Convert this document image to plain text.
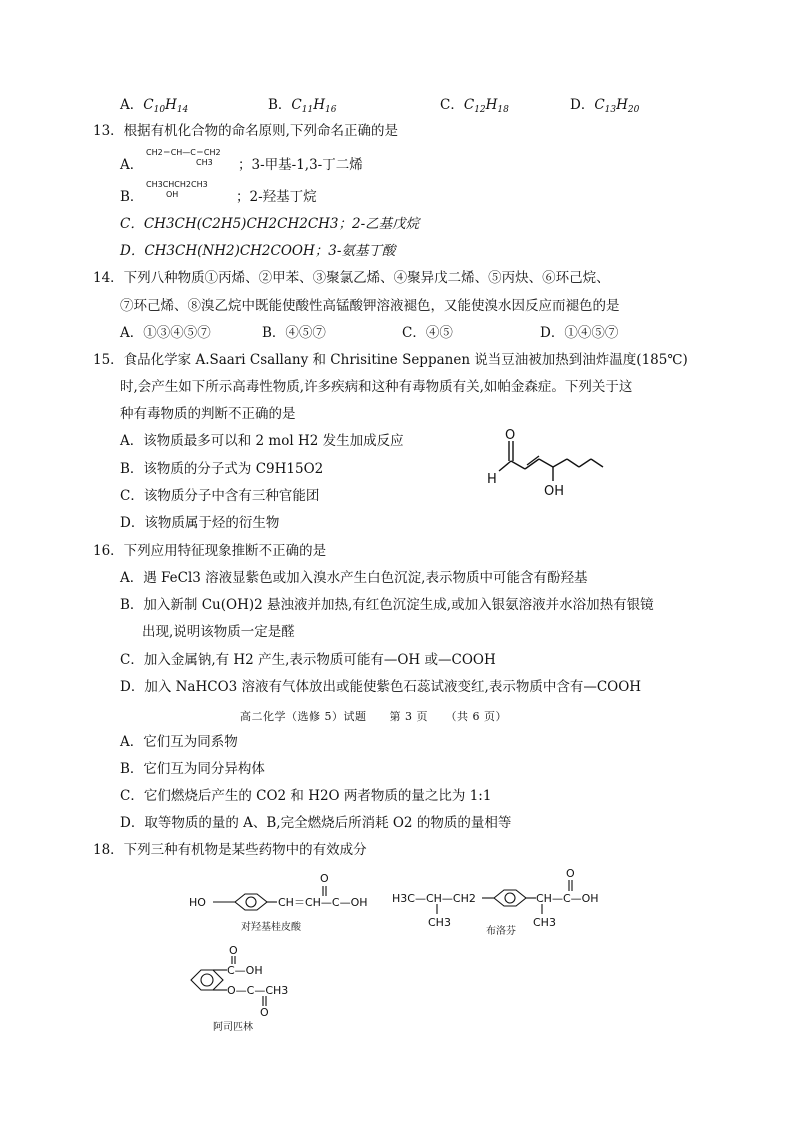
A．$C_{10}H_{14}$	B．$C_{11}H_{16}$	C．$C_{12}H_{18}$	D．$C_{13}H_{20}$
13．根据有机化合物的命名原则,下列命名正确的是
A．
CH2＝CH—C＝CH2
CH3	；3-甲基-1,3-丁二烯
B．
CH3CHCH2CH3
OH	；2-羟基丁烷
C．CH3CH(C2H5)CH2CH2CH3；2-乙基戊烷
D．CH3CH(NH2)CH2COOH；3-氨基丁酸
14．下列八种物质①丙烯、②甲苯、③聚氯乙烯、④聚异戊二烯、⑤丙炔、⑥环己烷、
⑦环己烯、⑧溴乙烷中既能使酸性高锰酸钾溶液褪色，又能使溴水因反应而褪色的是
A．①③④⑤⑦	B．④⑤⑦	C．④⑤	D．①④⑤⑦
15．食品化学家 A.Saari Csallany 和 Chrisitine Seppanen 说当豆油被加热到油炸温度(185℃)
时,会产生如下所示高毒性物质,许多疾病和这种有毒物质有关,如帕金森症。下列关于这
种有毒物质的判断不正确的是
A．该物质最多可以和 2 mol H2 发生加成反应
B．该物质的分子式为 C9H15O2
C．该物质分子中含有三种官能团
D．该物质属于烃的衍生物
O
H
OH
16．下列应用特征现象推断不正确的是
A．遇 FeCl3 溶液显紫色或加入溴水产生白色沉淀,表示物质中可能含有酚羟基
B．加入新制 Cu(OH)2 悬浊液并加热,有红色沉淀生成,或加入银氨溶液并水浴加热有银镜
出现,说明该物质一定是醛
C．加入金属钠,有 H2 产生,表示物质可能有—OH 或—COOH
D．加入 NaHCO3 溶液有气体放出或能使紫色石蕊试液变红,表示物质中含有—COOH
高二化学（选修 5）试题　　第 3 页　　（共 6 页）
A．它们互为同系物
B．它们互为同分异构体
C．它们燃烧后产生的 CO2 和 H2O 两者物质的量之比为 1:1
D．取等物质的量的 A、B,完全燃烧后所消耗 O2 的物质的量相等
18．下列三种有机物是某些药物中的有效成分
HO	CH＝CH—C—OH
O
对羟基桂皮酸
H3C—CH—CH2
CH3
CH—C—OH
CH3
O
布洛芬
O
C—OH
O—C—CH3
O
阿司匹林
